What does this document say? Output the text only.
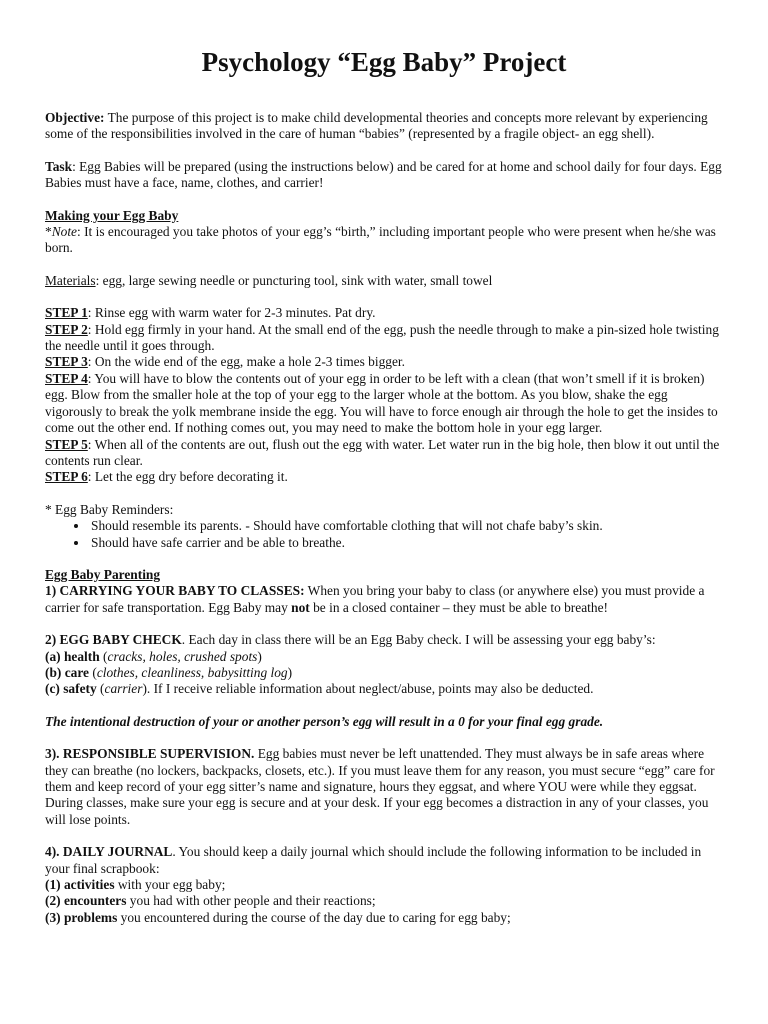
Psychology “Egg Baby” Project

Objective: The purpose of this project is to make child developmental theories and concepts more relevant by experiencing some of the responsibilities involved in the care of human “babies” (represented by a fragile object- an egg shell).

Task: Egg Babies will be prepared (using the instructions below) and be cared for at home and school daily for four days. Egg Babies must have a face, name, clothes, and carrier!

Making your Egg Baby

*Note: It is encouraged you take photos of your egg’s “birth,” including important people who were present when he/she was born.

Materials: egg, large sewing needle or puncturing tool, sink with water, small towel

STEP 1: Rinse egg with warm water for 2-3 minutes. Pat dry.

STEP 2: Hold egg firmly in your hand. At the small end of the egg, push the needle through to make a pin-sized hole twisting the needle until it goes through.

STEP 3: On the wide end of the egg, make a hole 2-3 times bigger.

STEP 4: You will have to blow the contents out of your egg in order to be left with a clean (that won’t smell if it is broken) egg. Blow from the smaller hole at the top of your egg to the larger whole at the bottom. As you blow, shake the egg vigorously to break the yolk membrane inside the egg. You will have to force enough air through the hole to get the insides to come out the other end. If nothing comes out, you may need to make the bottom hole in your egg larger.

STEP 5: When all of the contents are out, flush out the egg with water. Let water run in the big hole, then blow it out until the contents run clear.

STEP 6: Let the egg dry before decorating it.

* Egg Baby Reminders:

• Should resemble its parents. - Should have comfortable clothing that will not chafe baby’s skin.
• Should have safe carrier and be able to breathe.

Egg Baby Parenting

1) CARRYING YOUR BABY TO CLASSES: When you bring your baby to class (or anywhere else) you must provide a carrier for safe transportation. Egg Baby may not be in a closed container – they must be able to breathe!

2) EGG BABY CHECK. Each day in class there will be an Egg Baby check. I will be assessing your egg baby’s:

(a) health (cracks, holes, crushed spots)

(b) care (clothes, cleanliness, babysitting log)

(c) safety (carrier). If I receive reliable information about neglect/abuse, points may also be deducted.

The intentional destruction of your or another person’s egg will result in a 0 for your final egg grade.

3). RESPONSIBLE SUPERVISION. Egg babies must never be left unattended. They must always be in safe areas where they can breathe (no lockers, backpacks, closets, etc.). If you must leave them for any reason, you must secure “egg” care for them and keep record of your egg sitter’s name and signature, hours they eggsat, and where YOU were while they eggsat. During classes, make sure your egg is secure and at your desk. If your egg becomes a distraction in any of your classes, you will lose points.

4). DAILY JOURNAL. You should keep a daily journal which should include the following information to be included in your final scrapbook:

(1) activities with your egg baby;

(2) encounters you had with other people and their reactions;

(3) problems you encountered during the course of the day due to caring for egg baby;
